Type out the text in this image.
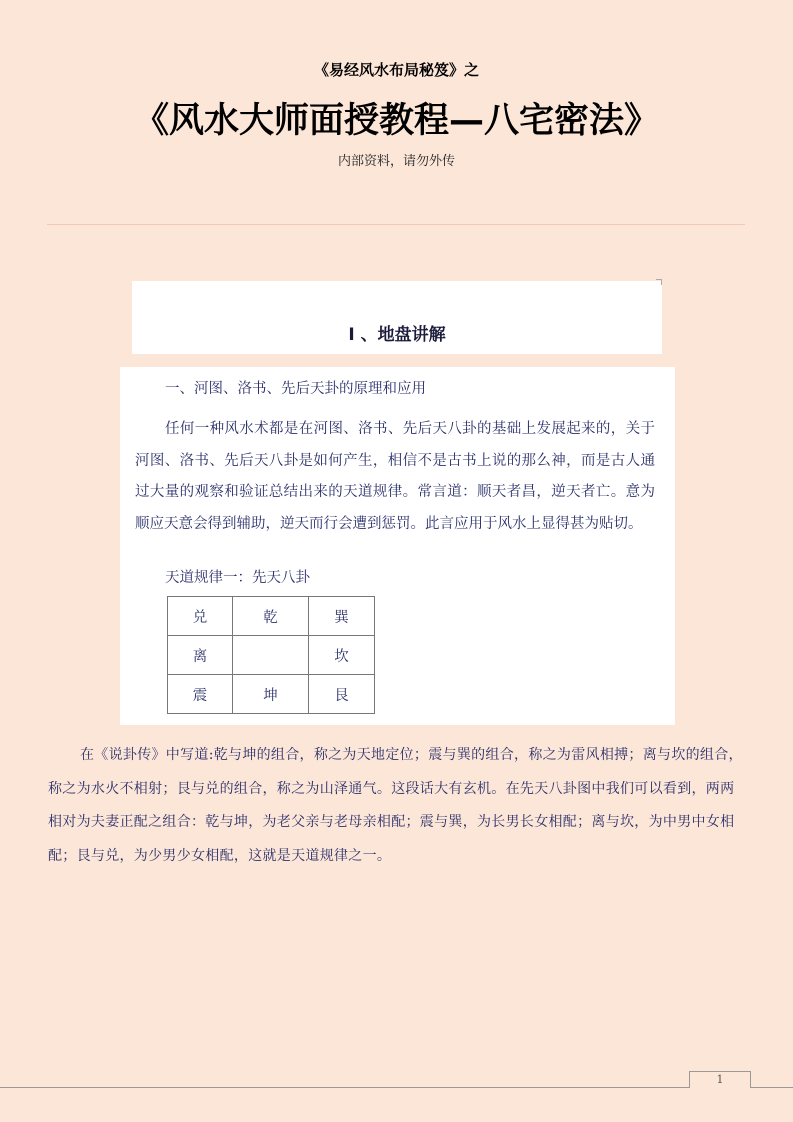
《易经风水布局秘笈》之
《风水大师面授教程—八宅密法》
内部资料，请勿外传
I 、地盘讲解
一、河图、洛书、先后天卦的原理和应用
任何一种风水术都是在河图、洛书、先后天八卦的基础上发展起来的，关于河图、洛书、先后天八卦是如何产生，相信不是古书上说的那么神，而是古人通过大量的观察和验证总结出来的天道规律。常言道：顺天者昌，逆天者亡。意为顺应天意会得到辅助，逆天而行会遭到惩罚。此言应用于风水上显得甚为贴切。
天道规律一：先天八卦
兑	乾	巽
离		坎
震	坤	艮
在《说卦传》中写道:乾与坤的组合，称之为天地定位；震与巽的组合，称之为雷风相搏；离与坎的组合，称之为水火不相射；艮与兑的组合，称之为山泽通气。这段话大有玄机。在先天八卦图中我们可以看到，两两相对为夫妻正配之组合：乾与坤，为老父亲与老母亲相配；震与巽，为长男长女相配；离与坎，为中男中女相配；艮与兑，为少男少女相配，这就是天道规律之一。
1
